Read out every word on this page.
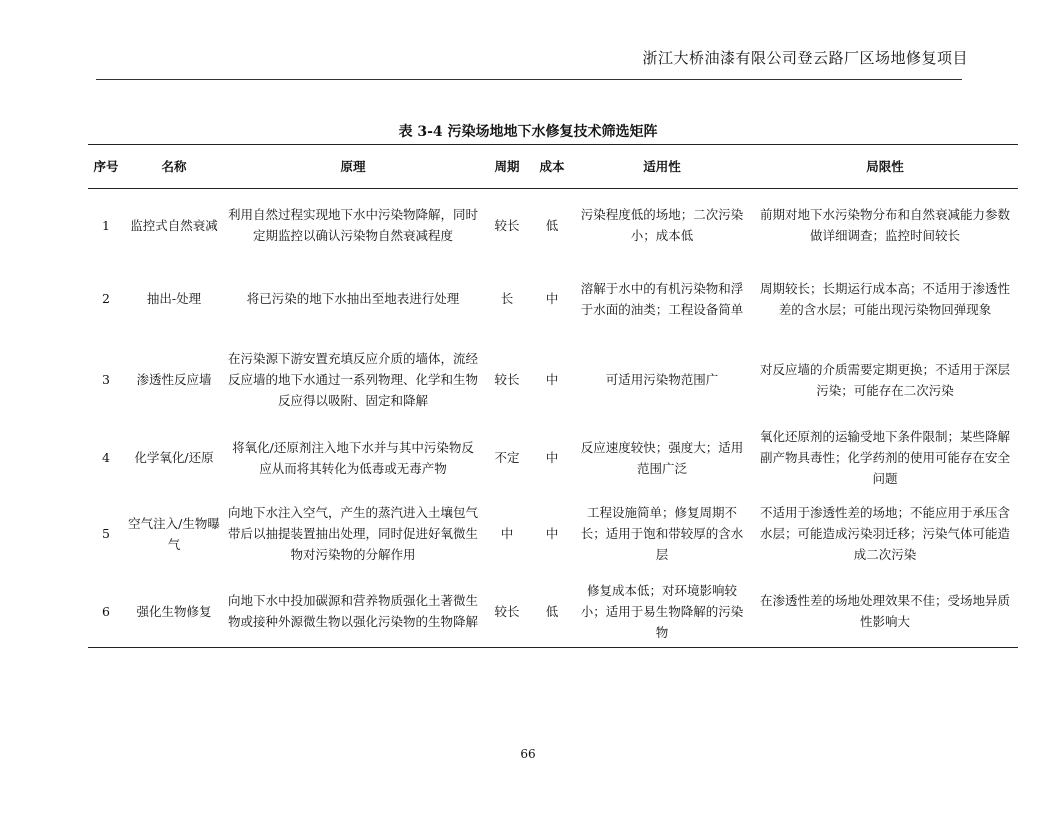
浙江大桥油漆有限公司登云路厂区场地修复项目
表 3-4 污染场地地下水修复技术筛选矩阵
序号	名称	原理	周期	成本	适用性	局限性
1	监控式自然衰减	利用自然过程实现地下水中污染物降解，同时定期监控以确认污染物自然衰减程度	较长	低	污染程度低的场地；二次污染小；成本低	前期对地下水污染物分布和自然衰减能力参数做详细调查；监控时间较长
2	抽出-处理	将已污染的地下水抽出至地表进行处理	长	中	溶解于水中的有机污染物和浮于水面的油类；工程设备简单	周期较长；长期运行成本高；不适用于渗透性差的含水层；可能出现污染物回弹现象
3	渗透性反应墙	在污染源下游安置充填反应介质的墙体，流经反应墙的地下水通过一系列物理、化学和生物反应得以吸附、固定和降解	较长	中	可适用污染物范围广	对反应墙的介质需要定期更换；不适用于深层污染；可能存在二次污染
4	化学氧化/还原	将氧化/还原剂注入地下水并与其中污染物反应从而将其转化为低毒或无毒产物	不定	中	反应速度较快；强度大；适用范围广泛	氧化还原剂的运输受地下条件限制；某些降解副产物具毒性；化学药剂的使用可能存在安全问题
5	空气注入/生物曝气	向地下水注入空气，产生的蒸汽进入土壤包气带后以抽提装置抽出处理，同时促进好氧微生物对污染物的分解作用	中	中	工程设施简单；修复周期不长；适用于饱和带较厚的含水层	不适用于渗透性差的场地；不能应用于承压含水层；可能造成污染羽迁移；污染气体可能造成二次污染
6	强化生物修复	向地下水中投加碳源和营养物质强化土著微生物或接种外源微生物以强化污染物的生物降解	较长	低	修复成本低；对环境影响较小；适用于易生物降解的污染物	在渗透性差的场地处理效果不佳；受场地异质性影响大
66
